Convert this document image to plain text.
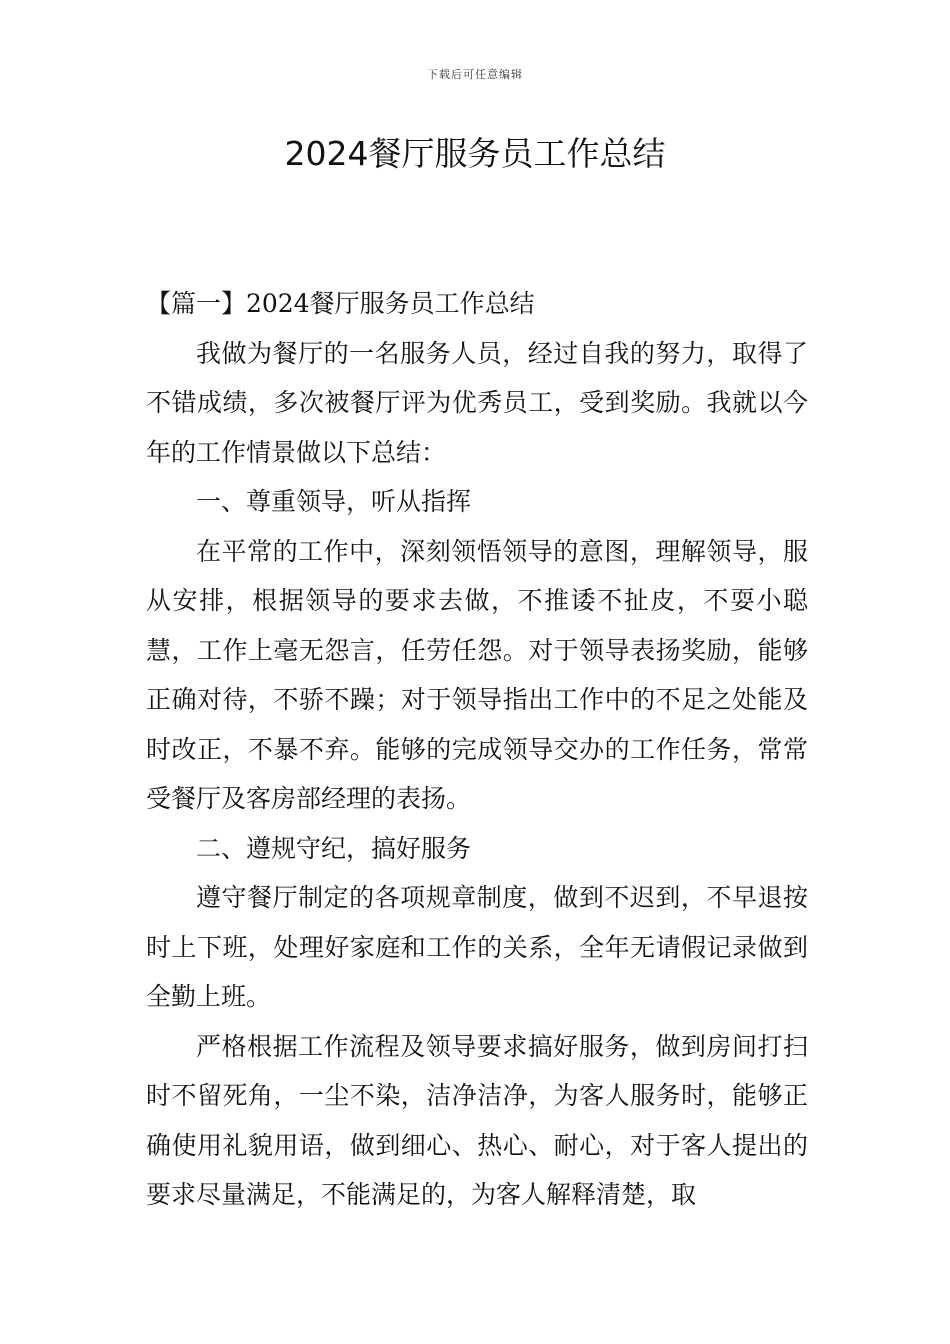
下载后可任意编辑
2024餐厅服务员工作总结

【篇一】2024餐厅服务员工作总结

我做为餐厅的一名服务人员，经过自我的努力，取得了不错成绩，多次被餐厅评为优秀员工，受到奖励。我就以今年的工作情景做以下总结：

一、尊重领导，听从指挥

在平常的工作中，深刻领悟领导的意图，理解领导，服从安排，根据领导的要求去做，不推诿不扯皮，不耍小聪慧，工作上毫无怨言，任劳任怨。对于领导表扬奖励，能够正确对待，不骄不躁；对于领导指出工作中的不足之处能及时改正，不暴不弃。能够的完成领导交办的工作任务，常常受餐厅及客房部经理的表扬。

二、遵规守纪，搞好服务

遵守餐厅制定的各项规章制度，做到不迟到，不早退按时上下班，处理好家庭和工作的关系，全年无请假记录做到全勤上班。

严格根据工作流程及领导要求搞好服务，做到房间打扫时不留死角，一尘不染，洁净洁净，为客人服务时，能够正确使用礼貌用语，做到细心、热心、耐心，对于客人提出的要求尽量满足，不能满足的，为客人解释清楚，取
